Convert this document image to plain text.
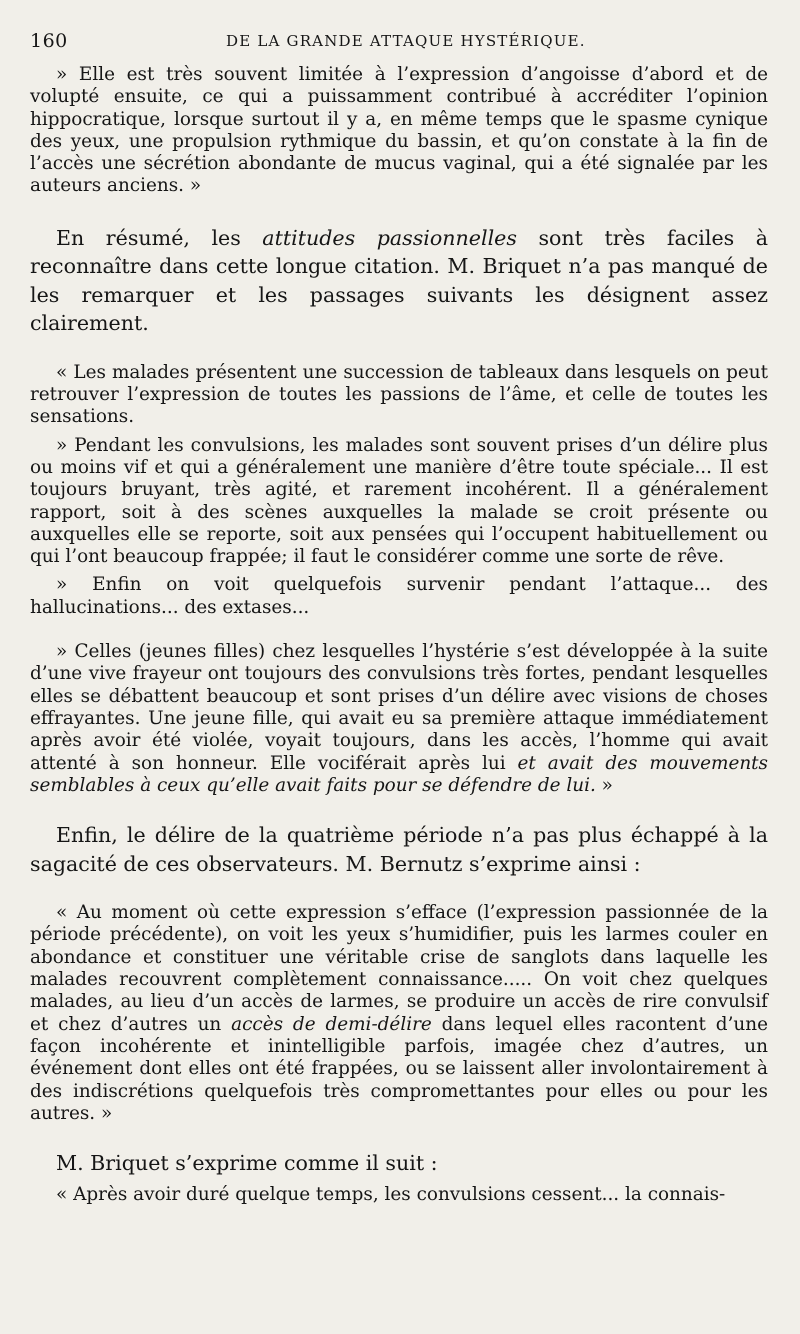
160	DE LA GRANDE ATTAQUE HYSTÉRIQUE.

» Elle est très souvent limitée à l’expression d’angoisse d’abord et de volupté ensuite, ce qui a puissamment contribué à accréditer l’opinion hippocratique, lorsque surtout il y a, en même temps que le spasme cynique des yeux, une propulsion rythmique du bassin, et qu’on constate à la fin de l’accès une sécrétion abondante de mucus vaginal, qui a été signalée par les auteurs anciens. »

En résumé, les attitudes passionnelles sont très faciles à reconnaître dans cette longue citation. M. Briquet n’a pas manqué de les remarquer et les passages suivants les désignent assez clairement.

« Les malades présentent une succession de tableaux dans lesquels on peut retrouver l’expression de toutes les passions de l’âme, et celle de toutes les sensations.

» Pendant les convulsions, les malades sont souvent prises d’un délire plus ou moins vif et qui a généralement une manière d’être toute spéciale... Il est toujours bruyant, très agité, et rarement incohérent. Il a généralement rapport, soit à des scènes auxquelles la malade se croit présente ou auxquelles elle se reporte, soit aux pensées qui l’occupent habituellement ou qui l’ont beaucoup frappée; il faut le considérer comme une sorte de rêve.

» Enfin on voit quelquefois survenir pendant l’attaque... des hallucinations... des extases...

» Celles (jeunes filles) chez lesquelles l’hystérie s’est développée à la suite d’une vive frayeur ont toujours des convulsions très fortes, pendant lesquelles elles se débattent beaucoup et sont prises d’un délire avec visions de choses effrayantes. Une jeune fille, qui avait eu sa première attaque immédiatement après avoir été violée, voyait toujours, dans les accès, l’homme qui avait attenté à son honneur. Elle vociférait après lui et avait des mouvements semblables à ceux qu’elle avait faits pour se défendre de lui. »

Enfin, le délire de la quatrième période n’a pas plus échappé à la sagacité de ces observateurs. M. Bernutz s’exprime ainsi :

« Au moment où cette expression s’efface (l’expression passionnée de la période précédente), on voit les yeux s’humidifier, puis les larmes couler en abondance et constituer une véritable crise de sanglots dans laquelle les malades recouvrent complètement connaissance..... On voit chez quelques malades, au lieu d’un accès de larmes, se produire un accès de rire convulsif et chez d’autres un accès de demi-délire dans lequel elles racontent d’une façon incohérente et inintelligible parfois, imagée chez d’autres, un événement dont elles ont été frappées, ou se laissent aller involontairement à des indiscrétions quelquefois très compromettantes pour elles ou pour les autres. »

M. Briquet s’exprime comme il suit :

« Après avoir duré quelque temps, les convulsions cessent... la connais-
